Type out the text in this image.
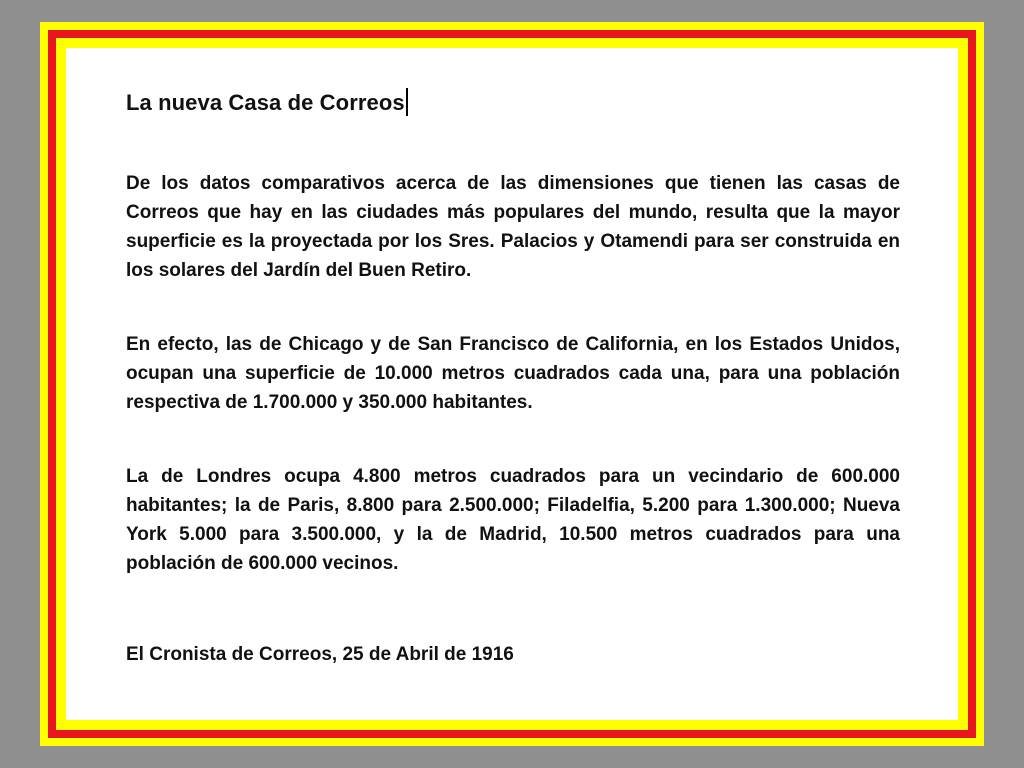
La nueva Casa de Correos

De los datos comparativos acerca de las dimensiones que tienen las casas de Correos que hay en las ciudades más populares del mundo, resulta que la mayor superficie es la proyectada por los Sres. Palacios y Otamendi para ser construida en los solares del Jardín del Buen Retiro.

En efecto, las de Chicago y de San Francisco de California, en los Estados Unidos, ocupan una superficie de 10.000 metros cuadrados cada una, para una población respectiva de 1.700.000 y 350.000 habitantes.

La de Londres ocupa 4.800 metros cuadrados para un vecindario de 600.000 habitantes; la de Paris, 8.800 para 2.500.000; Filadelfia, 5.200 para 1.300.000; Nueva York 5.000 para 3.500.000, y la de Madrid, 10.500 metros cuadrados para una población de 600.000 vecinos.

El Cronista de Correos, 25 de Abril de 1916
